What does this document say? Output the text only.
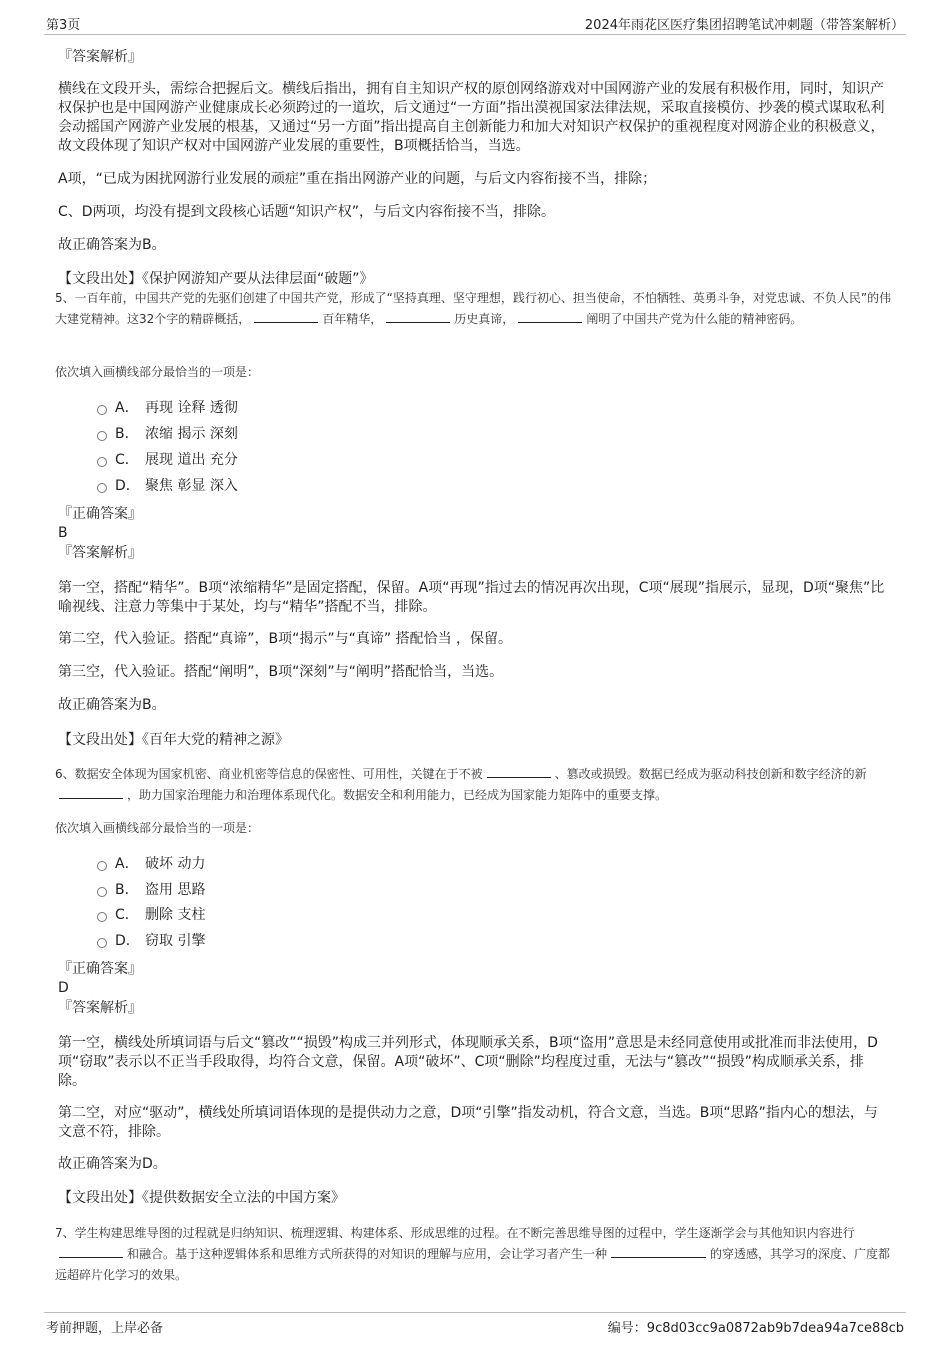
第3页	2024年雨花区医疗集团招聘笔试冲刺题（带答案解析）
『答案解析』
横线在文段开头，需综合把握后文。横线后指出，拥有自主知识产权的原创网络游戏对中国网游产业的发展有积极作用，同时，知识产权保护也是中国网游产业健康成长必须跨过的一道坎，后文通过“一方面”指出漠视国家法律法规，采取直接模仿、抄袭的模式谋取私利会动摇国产网游产业发展的根基，又通过“另一方面”指出提高自主创新能力和加大对知识产权保护的重视程度对网游企业的积极意义，故文段体现了知识产权对中国网游产业发展的重要性，B项概括恰当，当选。
A项，“已成为困扰网游行业发展的顽症”重在指出网游产业的问题，与后文内容衔接不当，排除；
C、D两项，均没有提到文段核心话题“知识产权”，与后文内容衔接不当，排除。
故正确答案为B。
【文段出处】《保护网游知产要从法律层面“破题”》
5、一百年前，中国共产党的先驱们创建了中国共产党，形成了“坚持真理、坚守理想，践行初心、担当使命，不怕牺牲、英勇斗争，对党忠诚、不负人民”的伟大建党精神。这32个字的精辟概括，	百年精华，	历史真谛，	阐明了中国共产党为什么能的精神密码。
依次填入画横线部分最恰当的一项是：
A． 再现 诠释 透彻
B． 浓缩 揭示 深刻
C． 展现 道出 充分
D． 聚焦 彰显 深入
『正确答案』
B
『答案解析』
第一空，搭配“精华”。B项“浓缩精华”是固定搭配，保留。A项“再现”指过去的情况再次出现，C项“展现”指展示，显现，D项“聚焦”比喻视线、注意力等集中于某处，均与“精华”搭配不当，排除。
第二空，代入验证。搭配“真谛”，B项“揭示”与“真谛” 搭配恰当 ，保留。
第三空，代入验证。搭配“阐明”，B项“深刻”与“阐明”搭配恰当，当选。
故正确答案为B。
【文段出处】《百年大党的精神之源》
6、数据安全体现为国家机密、商业机密等信息的保密性、可用性，关键在于不被	、篡改或损毁。数据已经成为驱动科技创新和数字经济的新，助力国家治理能力和治理体系现代化。数据安全和利用能力，已经成为国家能力矩阵中的重要支撑。
依次填入画横线部分最恰当的一项是：
A． 破坏 动力
B． 盗用 思路
C． 删除 支柱
D． 窃取 引擎
『正确答案』
D
『答案解析』
第一空，横线处所填词语与后文“篡改”“损毁”构成三并列形式，体现顺承关系，B项“盗用”意思是未经同意使用或批准而非法使用，D项“窃取”表示以不正当手段取得，均符合文意，保留。A项“破坏”、C项“删除”均程度过重，无法与“篡改”“损毁”构成顺承关系，排除。
第二空，对应“驱动”，横线处所填词语体现的是提供动力之意，D项“引擎”指发动机，符合文意，当选。B项“思路”指内心的想法，与文意不符，排除。
故正确答案为D。
【文段出处】《提供数据安全立法的中国方案》
7、学生构建思维导图的过程就是归纳知识、梳理逻辑、构建体系、形成思维的过程。在不断完善思维导图的过程中，学生逐渐学会与其他知识内容进行和融合。基于这种逻辑体系和思维方式所获得的对知识的理解与应用，会让学习者产生一种	的穿透感，其学习的深度、广度都远超碎片化学习的效果。
考前押题，上岸必备	编号：9c8d03cc9a0872ab9b7dea94a7ce88cb
